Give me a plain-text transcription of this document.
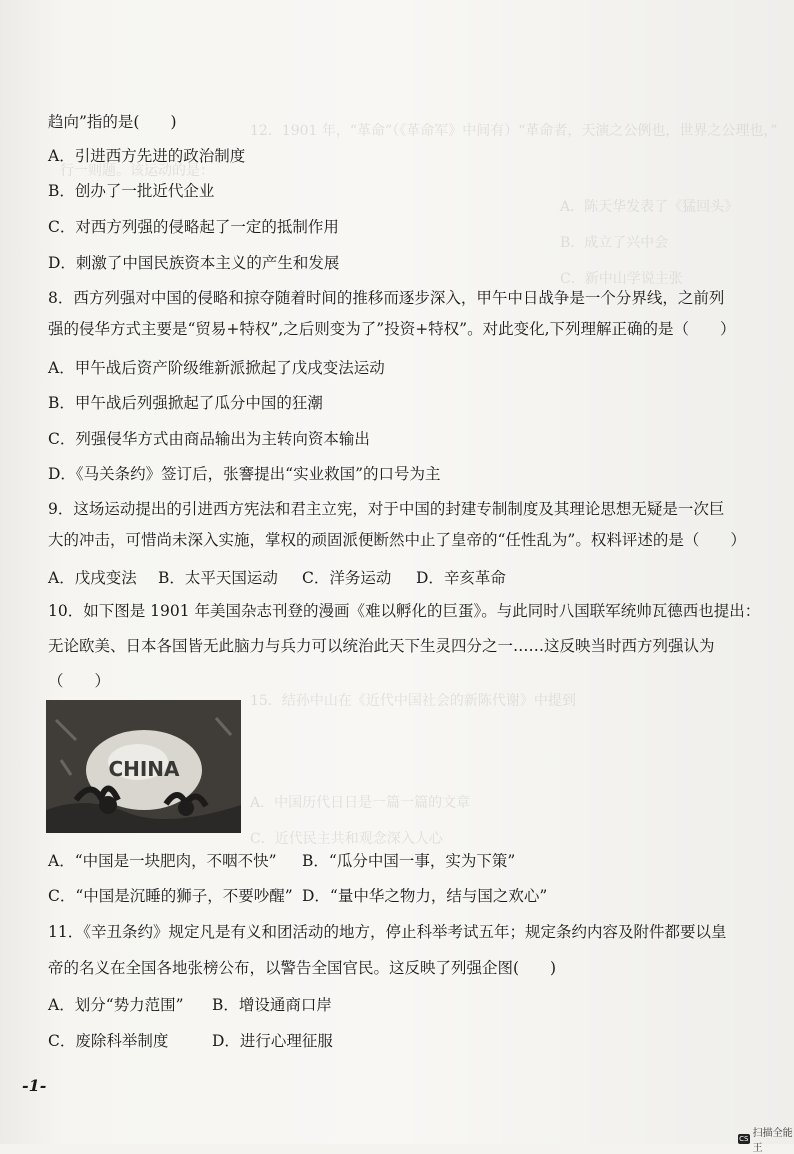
12．1901 年，“革命”（《革命军》中间有）“革命者，天演之公例也，世界之公理也，”
行一则题。该运动的是：
A．陈天华发表了《猛回头》
B．成立了兴中会
C．新中山学说主张
15．结孙中山在《近代中国社会的新陈代谢》中提到
A．中国历代日日是一篇一篇的文章
C．近代民主共和观念深入人心
趋向”指的是(　　)
A．引进西方先进的政治制度
B．创办了一批近代企业
C．对西方列强的侵略起了一定的抵制作用
D．刺激了中国民族资本主义的产生和发展
8．西方列强对中国的侵略和掠夺随着时间的推移而逐步深入，甲午中日战争是一个分界线，之前列
强的侵华方式主要是“贸易+特权”,之后则变为了”投资+特权”。对此变化,下列理解正确的是（　　）
A．甲午战后资产阶级维新派掀起了戊戌变法运动
B．甲午战后列强掀起了瓜分中国的狂潮
C．列强侵华方式由商品输出为主转向资本输出
D．《马关条约》签订后，张謇提出“实业救国”的口号为主
9．这场运动提出的引进西方宪法和君主立宪，对于中国的封建专制制度及其理论思想无疑是一次巨
大的冲击，可惜尚未深入实施，掌权的顽固派便断然中止了皇帝的“任性乱为”。权料评述的是（　　）
A．戊戌变法 B．太平天国运动 C．洋务运动 D．辛亥革命
10．如下图是 1901 年美国杂志刊登的漫画《难以孵化的巨蛋》。与此同时八国联军统帅瓦德西也提出：
无论欧美、日本各国皆无此脑力与兵力可以统治此天下生灵四分之一……这反映当时西方列强认为
（　　）
CHINA
A．“中国是一块肥肉，不咽不快” B．“瓜分中国一事，实为下策”
C．“中国是沉睡的狮子，不要吵醒” D．“量中华之物力，结与国之欢心”
11．《辛丑条约》规定凡是有义和团活动的地方，停止科举考试五年；规定条约内容及附件都要以皇
帝的名义在全国各地张榜公布，以警告全国官民。这反映了列强企图(　　)
A．划分“势力范围” B．增设通商口岸
C．废除科举制度	D．进行心理征服
-1-
CS 扫描全能王
